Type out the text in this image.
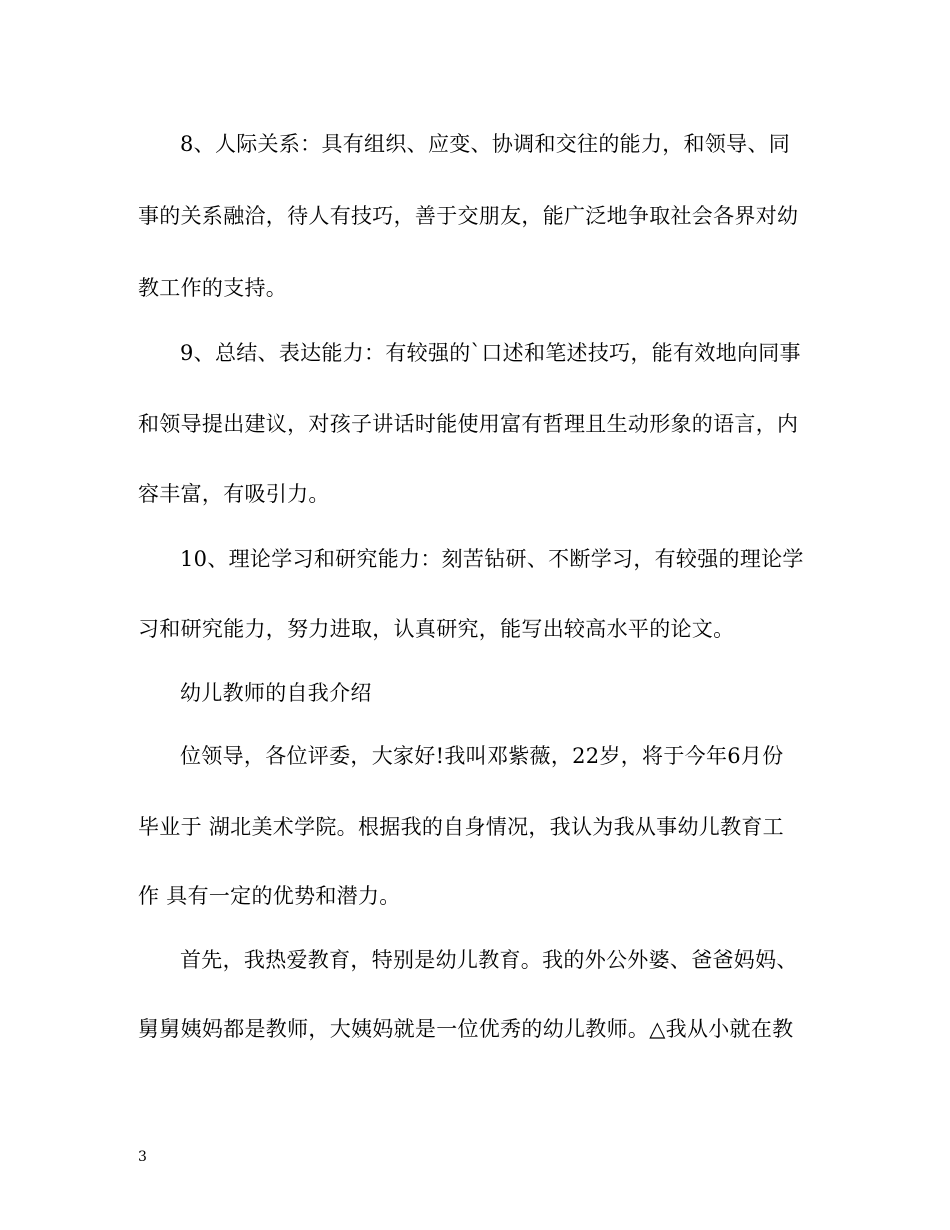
8、人际关系：具有组织、应变、协调和交往的能力，和领导、同
事的关系融洽，待人有技巧，善于交朋友，能广泛地争取社会各界对幼
教工作的支持。
9、总结、表达能力：有较强的`口述和笔述技巧，能有效地向同事
和领导提出建议，对孩子讲话时能使用富有哲理且生动形象的语言，内
容丰富，有吸引力。
10、理论学习和研究能力：刻苦钻研、不断学习，有较强的理论学
习和研究能力，努力进取，认真研究，能写出较高水平的论文。
幼儿教师的自我介绍
位领导，各位评委，大家好!我叫邓紫薇，22岁，将于今年6月份
毕业于 湖北美术学院。根据我的自身情况，我认为我从事幼儿教育工
作 具有一定的优势和潜力。
首先，我热爱教育，特别是幼儿教育。我的外公外婆、爸爸妈妈、
舅舅姨妈都是教师，大姨妈就是一位优秀的幼儿教师。△我从小就在教
3
